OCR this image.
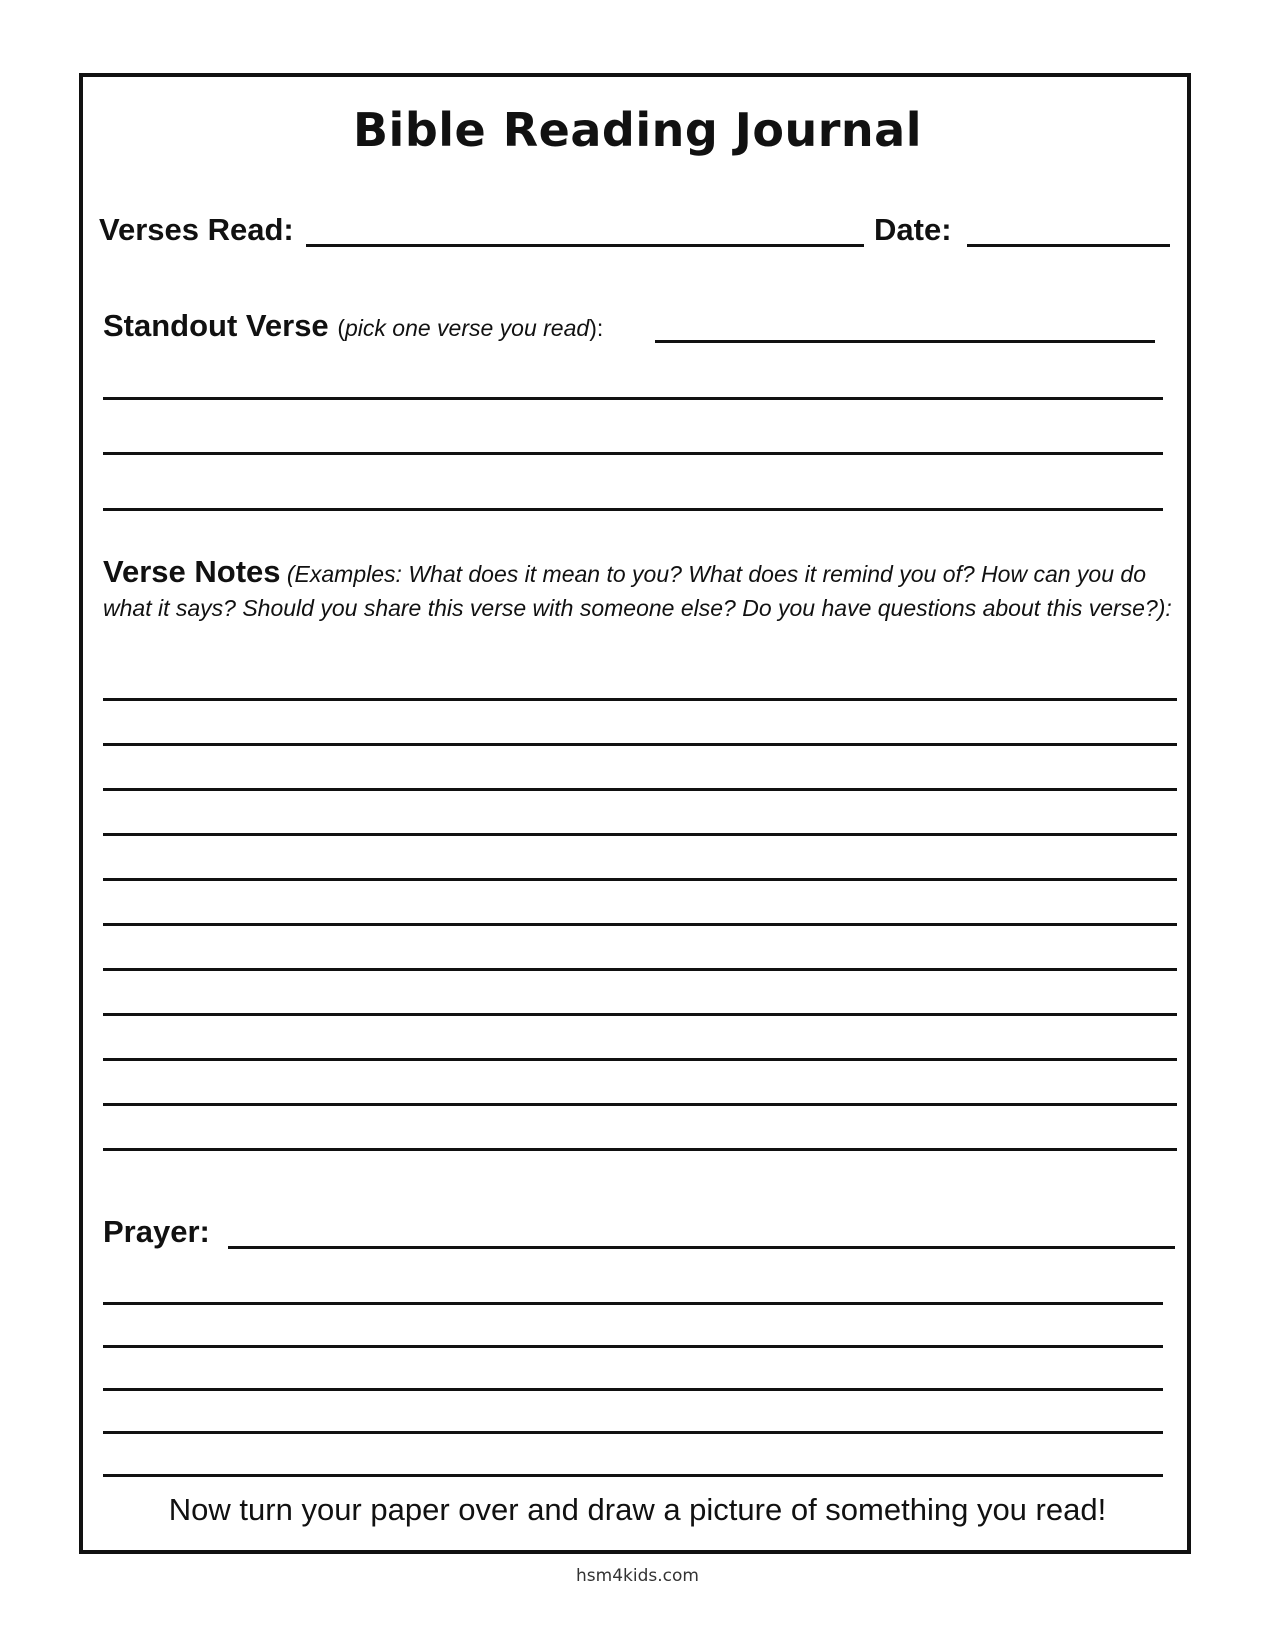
Bible Reading Journal
Verses Read:	Date:
Standout Verse (pick one verse you read):
Verse Notes (Examples: What does it mean to you? What does it remind you of? How can you do what it says? Should you share this verse with someone else? Do you have questions about this verse?):
Prayer:
Now turn your paper over and draw a picture of something you read!
hsm4kids.com
